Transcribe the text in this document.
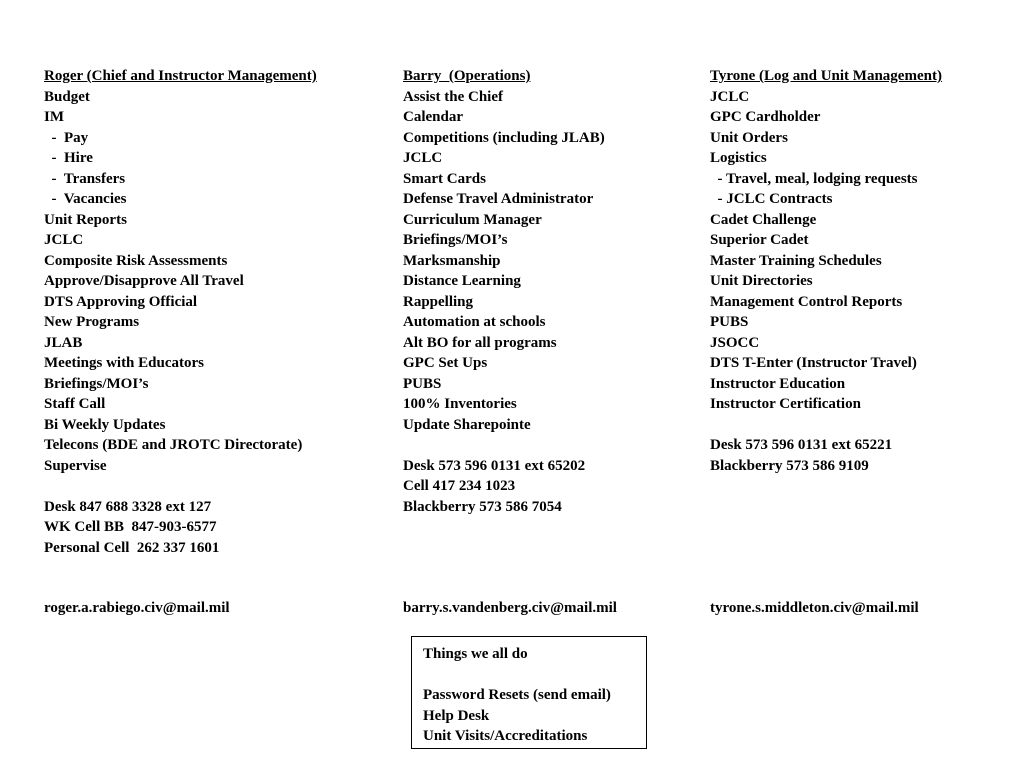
Roger (Chief and Instructor Management)
Budget
IM
-  Pay
-  Hire
-  Transfers
-  Vacancies
Unit Reports
JCLC
Composite Risk Assessments
Approve/Disapprove All Travel
DTS Approving Official
New Programs
JLAB
Meetings with Educators
Briefings/MOI’s
Staff Call
Bi Weekly Updates
Telecons (BDE and JROTC Directorate)
Supervise
Desk 847 688 3328 ext 127
WK Cell BB  847-903-6577
Personal Cell  262 337 1601
Barry  (Operations)
Assist the Chief
Calendar
Competitions (including JLAB)
JCLC
Smart Cards
Defense Travel Administrator
Curriculum Manager
Briefings/MOI’s
Marksmanship
Distance Learning
Rappelling
Automation at schools
Alt BO for all programs
GPC Set Ups
PUBS
100% Inventories
Update Sharepointe
Desk 573 596 0131 ext 65202
Cell 417 234 1023
Blackberry 573 586 7054
Tyrone (Log and Unit Management)
JCLC
GPC Cardholder
Unit Orders
Logistics
- Travel, meal, lodging requests
- JCLC Contracts
Cadet Challenge
Superior Cadet
Master Training Schedules
Unit Directories
Management Control Reports
PUBS
JSOCC
DTS T-Enter (Instructor Travel)
Instructor Education
Instructor Certification
Desk 573 596 0131 ext 65221
Blackberry 573 586 9109
roger.a.rabiego.civ@mail.mil	barry.s.vandenberg.civ@mail.mil	tyrone.s.middleton.civ@mail.mil
Things we all do
Password Resets (send email)
Help Desk
Unit Visits/Accreditations
